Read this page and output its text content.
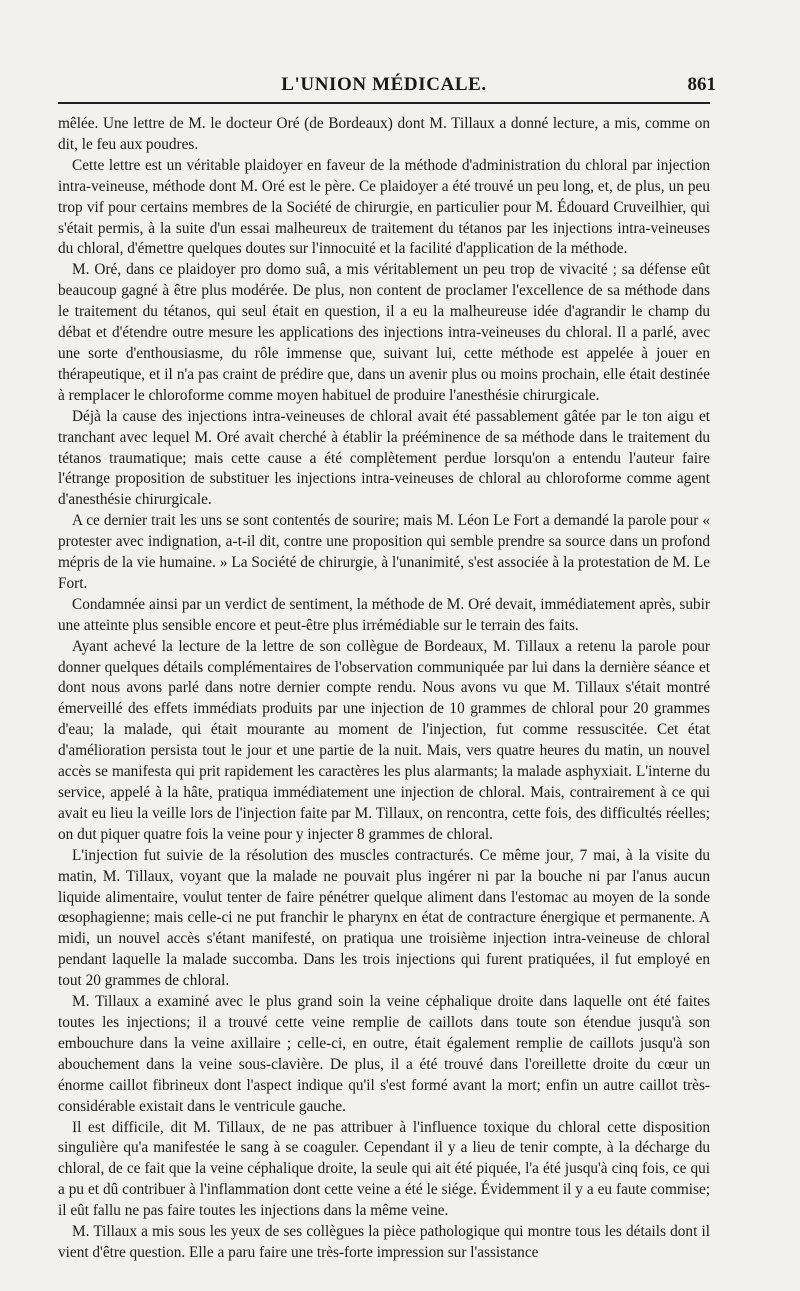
L'UNION MÉDICALE.	861

mêlée. Une lettre de M. le docteur Oré (de Bordeaux) dont M. Tillaux a donné lecture, a mis, comme on dit, le feu aux poudres.

Cette lettre est un véritable plaidoyer en faveur de la méthode d'administration du chloral par injection intra-veineuse, méthode dont M. Oré est le père. Ce plaidoyer a été trouvé un peu long, et, de plus, un peu trop vif pour certains membres de la Société de chirurgie, en particulier pour M. Édouard Cruveilhier, qui s'était permis, à la suite d'un essai malheureux de traitement du tétanos par les injections intra-veineuses du chloral, d'émettre quelques doutes sur l'innocuité et la facilité d'application de la méthode.

M. Oré, dans ce plaidoyer pro domo suâ, a mis véritablement un peu trop de vivacité ; sa défense eût beaucoup gagné à être plus modérée. De plus, non content de proclamer l'excellence de sa méthode dans le traitement du tétanos, qui seul était en question, il a eu la malheureuse idée d'agrandir le champ du débat et d'étendre outre mesure les applications des injections intra-veineuses du chloral. Il a parlé, avec une sorte d'enthousiasme, du rôle immense que, suivant lui, cette méthode est appelée à jouer en thérapeutique, et il n'a pas craint de prédire que, dans un avenir plus ou moins prochain, elle était destinée à remplacer le chloroforme comme moyen habituel de produire l'anesthésie chirurgicale.

Déjà la cause des injections intra-veineuses de chloral avait été passablement gâtée par le ton aigu et tranchant avec lequel M. Oré avait cherché à établir la prééminence de sa méthode dans le traitement du tétanos traumatique; mais cette cause a été complètement perdue lorsqu'on a entendu l'auteur faire l'étrange proposition de substituer les injections intra-veineuses de chloral au chloroforme comme agent d'anesthésie chirurgicale.

A ce dernier trait les uns se sont contentés de sourire; mais M. Léon Le Fort a demandé la parole pour « protester avec indignation, a-t-il dit, contre une proposition qui semble prendre sa source dans un profond mépris de la vie humaine. » La Société de chirurgie, à l'unanimité, s'est associée à la protestation de M. Le Fort.

Condamnée ainsi par un verdict de sentiment, la méthode de M. Oré devait, immédiatement après, subir une atteinte plus sensible encore et peut-être plus irrémédiable sur le terrain des faits.

Ayant achevé la lecture de la lettre de son collègue de Bordeaux, M. Tillaux a retenu la parole pour donner quelques détails complémentaires de l'observation communiquée par lui dans la dernière séance et dont nous avons parlé dans notre dernier compte rendu. Nous avons vu que M. Tillaux s'était montré émerveillé des effets immédiats produits par une injection de 10 grammes de chloral pour 20 grammes d'eau; la malade, qui était mourante au moment de l'injection, fut comme ressuscitée. Cet état d'amélioration persista tout le jour et une partie de la nuit. Mais, vers quatre heures du matin, un nouvel accès se manifesta qui prit rapidement les caractères les plus alarmants; la malade asphyxiait. L'interne du service, appelé à la hâte, pratiqua immédiatement une injection de chloral. Mais, contrairement à ce qui avait eu lieu la veille lors de l'injection faite par M. Tillaux, on rencontra, cette fois, des difficultés réelles; on dut piquer quatre fois la veine pour y injecter 8 grammes de chloral.

L'injection fut suivie de la résolution des muscles contracturés. Ce même jour, 7 mai, à la visite du matin, M. Tillaux, voyant que la malade ne pouvait plus ingérer ni par la bouche ni par l'anus aucun liquide alimentaire, voulut tenter de faire pénétrer quelque aliment dans l'estomac au moyen de la sonde œsophagienne; mais celle-ci ne put franchir le pharynx en état de contracture énergique et permanente. A midi, un nouvel accès s'étant manifesté, on pratiqua une troisième injection intra-veineuse de chloral pendant laquelle la malade succomba. Dans les trois injections qui furent pratiquées, il fut employé en tout 20 grammes de chloral.

M. Tillaux a examiné avec le plus grand soin la veine céphalique droite dans laquelle ont été faites toutes les injections; il a trouvé cette veine remplie de caillots dans toute son étendue jusqu'à son embouchure dans la veine axillaire ; celle-ci, en outre, était également remplie de caillots jusqu'à son abouchement dans la veine sous-clavière. De plus, il a été trouvé dans l'oreillette droite du cœur un énorme caillot fibrineux dont l'aspect indique qu'il s'est formé avant la mort; enfin un autre caillot très-considérable existait dans le ventricule gauche.

Il est difficile, dit M. Tillaux, de ne pas attribuer à l'influence toxique du chloral cette disposition singulière qu'a manifestée le sang à se coaguler. Cependant il y a lieu de tenir compte, à la décharge du chloral, de ce fait que la veine céphalique droite, la seule qui ait été piquée, l'a été jusqu'à cinq fois, ce qui a pu et dû contribuer à l'inflammation dont cette veine a été le siége. Évidemment il y a eu faute commise; il eût fallu ne pas faire toutes les injections dans la même veine.

M. Tillaux a mis sous les yeux de ses collègues la pièce pathologique qui montre tous les détails dont il vient d'être question. Elle a paru faire une très-forte impression sur l'assistance
